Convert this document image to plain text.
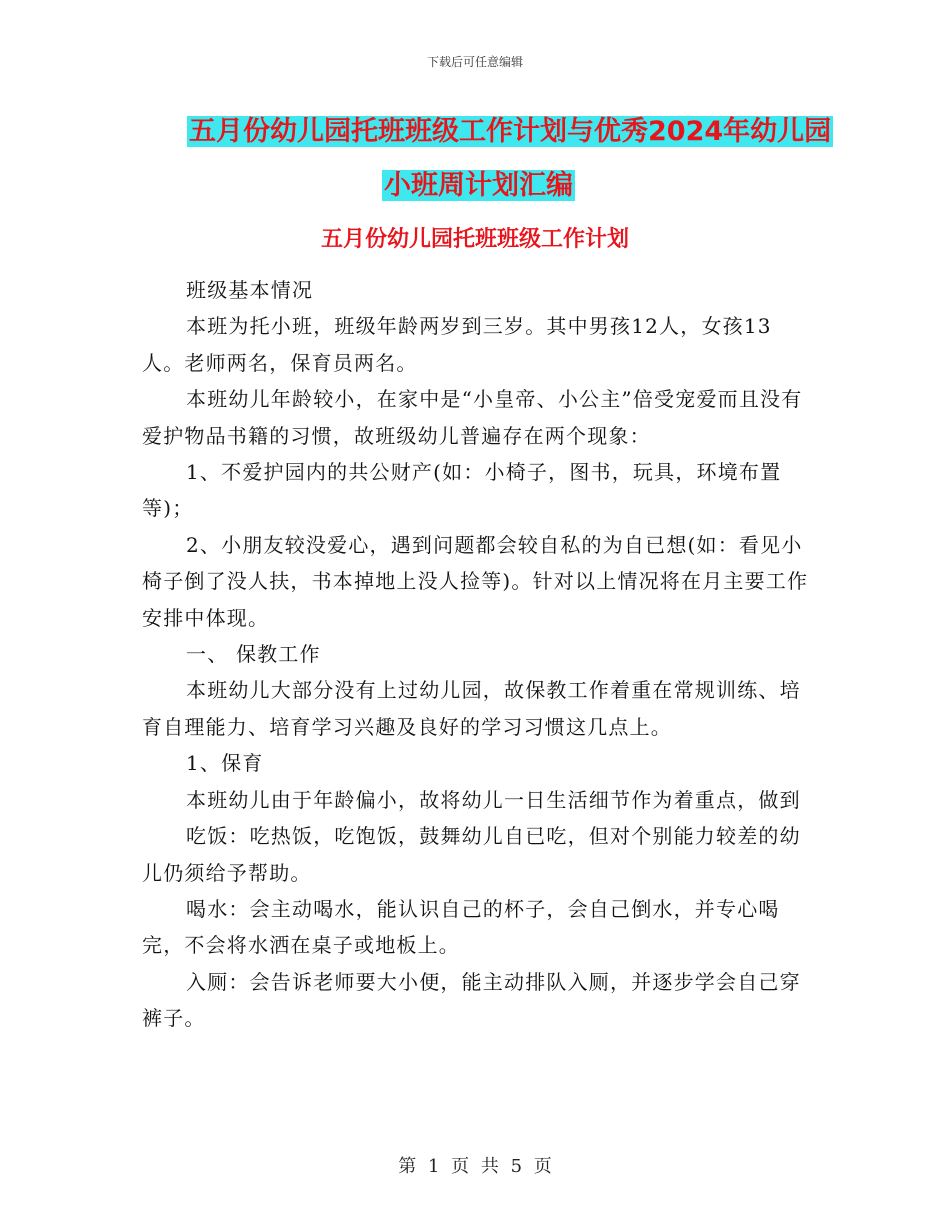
下载后可任意编辑
五月份幼儿园托班班级工作计划与优秀2024年幼儿园
小班周计划汇编
五月份幼儿园托班班级工作计划

班级基本情况

本班为托小班，班级年龄两岁到三岁。其中男孩12人，女孩13人。老师两名，保育员两名。

本班幼儿年龄较小，在家中是“小皇帝、小公主”倍受宠爱而且没有爱护物品书籍的习惯，故班级幼儿普遍存在两个现象：

1、不爱护园内的共公财产(如：小椅子，图书，玩具，环境布置等)；

2、小朋友较没爱心，遇到问题都会较自私的为自已想(如：看见小椅子倒了没人扶，书本掉地上没人捡等)。针对以上情况将在月主要工作安排中体现。

一、 保教工作

本班幼儿大部分没有上过幼儿园，故保教工作着重在常规训练、培育自理能力、培育学习兴趣及良好的学习习惯这几点上。

1、保育

本班幼儿由于年龄偏小，故将幼儿一日生活细节作为着重点，做到

吃饭：吃热饭，吃饱饭，鼓舞幼儿自已吃，但对个别能力较差的幼儿仍须给予帮助。

喝水：会主动喝水，能认识自己的杯子，会自己倒水，并专心喝完，不会将水洒在桌子或地板上。

入厕：会告诉老师要大小便，能主动排队入厕，并逐步学会自己穿裤子。

第 1 页 共 5 页
